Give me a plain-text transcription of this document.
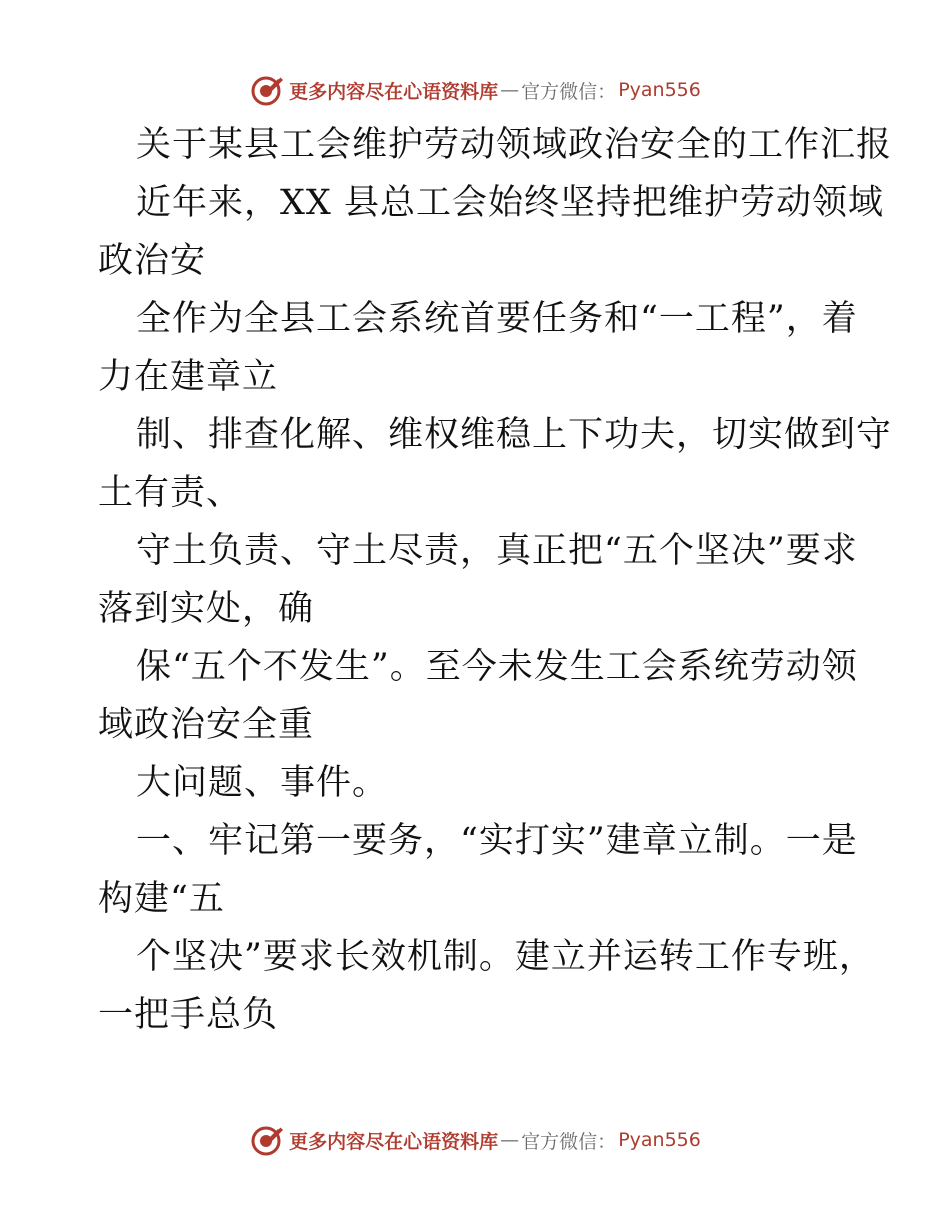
更多内容尽在心语资料库 — 官方微信： Pyan556
关于某县工会维护劳动领域政治安全的工作汇报
近年来，XX 县总工会始终坚持把维护劳动领域
政治安
全作为全县工会系统首要任务和“一工程”，着
力在建章立
制、排查化解、维权维稳上下功夫，切实做到守
土有责、
守土负责、守土尽责，真正把“五个坚决”要求
落到实处，确
保“五个不发生”。至今未发生工会系统劳动领
域政治安全重
大问题、事件。
一、牢记第一要务，“实打实”建章立制。一是
构建“五
个坚决”要求长效机制。建立并运转工作专班，
一把手总负
更多内容尽在心语资料库 — 官方微信： Pyan556
